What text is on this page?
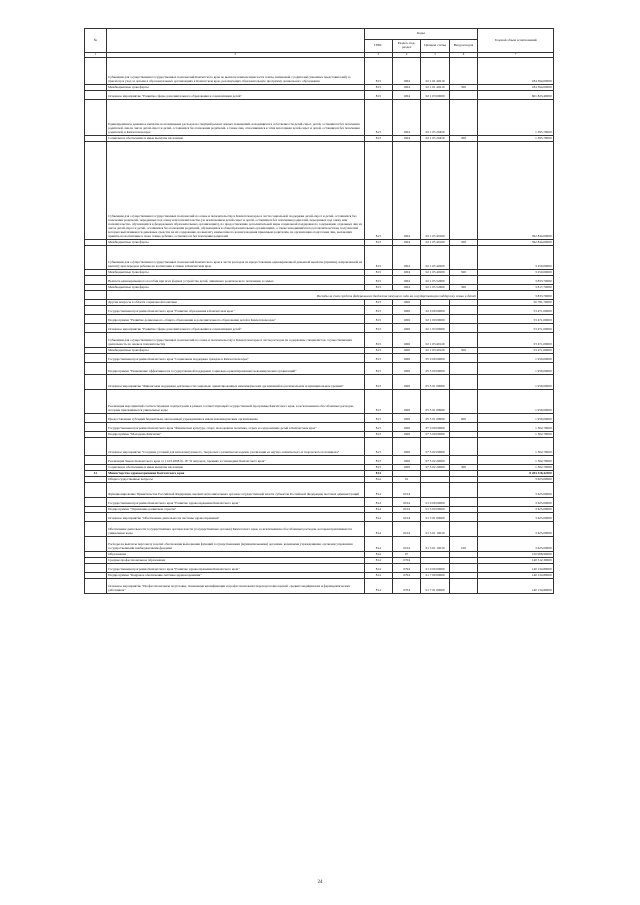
№		Коды				Годовой объем ассигнований
		ГРБС	Раздел, под-раздел	Целевая статья	Вид расходов	
1	2	3	4	5	6	7
	Субвенции для осуществления государственных полномочий Камчатского края по выплате компенсации части платы, взимаемой с родителей (законных представителей) за присмотр и уход за детьми в образовательных организациях в Камчатском крае, реализующих образовательную программу дошкольного образования	813	1004	02 1 01 40210		184 394,00000
	Межбюджетные трансферты	813	1004	02 1 01 40210	500	184 394,00000
	Основное мероприятие "Развитие сферы дополнительного образования и социализации детей"	813	1004	02 1 03 00000		601 823,40000
	Единовременное денежное выплаты на возмещение расходов на текущий ремонт жилых помещений, находящихся в собственности детей-сирот, детей, оставшихся без попечения родителей, лиц из числа детей-сирот и детей, оставшихся без попечения родителей, а также лиц, относившихся к этим категориям детей-сирот и детей, оставшихся без попечения родителей, в Камчатском крае	813	1004	02 1 05 20450		1 395,70000
	Социальное обеспечение и иные выплаты населению	813	1004	02 1 05 20450	300	1 395,70000
	Субвенции для осуществления государственных полномочий по опеке и попечительству в Камчатском крае в части социальной поддержки детей-сирот и детей, оставшихся без попечения родителей, переданных под опеку или попечительство (за исключением детей-сирот и детей, оставшихся без попечения родителей, переданных под опеку или попечительство, обучающихся в федеральных образовательных организациях), по предоставлению дополнительной меры социальной поддержки по содержанию отдельных лиц из числа детей-сирот и детей, оставшихся без попечения родителей, обучающихся в общеобразовательных организациях, а также находившихся под попечительством, получателям которых выплачиваются денежные средства на их содержание, на выплату ежемесячного вознаграждения приемным родителям, на организацию подготовки лиц, желающих принять на воспитание в свою семью ребенка, оставшегося без попечения родителей	813	1004	02 1 05 40160		592 844,00000
	Межбюджетные трансферты	813	1004	02 1 05 40160	500	592 844,00000
	Субвенции для осуществления государственных полномочий Камчатского края в части расходов на предоставление единовременной денежной выплаты (премии), направленной на выплату при передаче ребенка на воспитание в семью в Камчатском крае	813	1004	02 1 05 40200		3 250,00000
	Межбюджетные трансферты	813	1004	02 1 05 40200	500	3 250,00000
	Выплата единовременного пособия при всех формах устройства детей, лишенных родительского попечения, в семью	813	1004	02 1 05 52600		3 833,70000
	Межбюджетные трансферты	813	1004	02 1 05 52600	300	3 817,70000
	Расходы за счет средств федерального бюджета текущего года на государственную поддержку семьи и детей					3 833,70000
	Другие вопросы в области социальной политики	813	1006			56 781,70000
	Государственная программа Камчатского края "Развитие образования в Камчатском крае"	813	1006	02 0 00 00000		53 471,00000
	Подпрограмма "Развитие дошкольного, общего образования и дополнительного образования детей в Камчатском крае"	813	1006	02 1 00 00000		53 471,00000
	Основное мероприятие "Развитие сферы дополнительного образования и социализации детей"	813	1006	02 1 03 00000		53 471,00000
	Субвенции для осуществления государственных полномочий по опеке и попечительству в Камчатском крае в части расходов на содержание специалистов, осуществляющих деятельность по опеке и попечительству	813	1006	02 1 03 40120		53 471,00000
	Межбюджетные трансферты	813	1006	02 1 03 40120	500	53 471,00000
	Государственная программа Камчатского края "Социальная поддержка граждан в Камчатском крае"	813	1006	05 0 00 00000		1 950,00000
	Подпрограмма "Повышение эффективности государственной поддержки социально-ориентированных некоммерческих организаций"	813	1006	05 5 00 00000		1 950,00000
	Основное мероприятие "Финансовая поддержка деятельности социально ориентированных некоммерческих организаций на региональном и муниципальном уровнях"	813	1006	05 5 01 00000		1 950,00000
	Реализация мероприятий соответствующих подпрограмм в рамках соответствующей государственной программы Камчатского края, за исключением обособленных расходов, которым присваиваются уникальные коды	813	1006	05 5 01 09990		1 950,00000
	Предоставление субсидий бюджетным, автономным учреждениям и иным некоммерческим организациям	813	1006	05 5 01 09990	600	1 950,00000
	Государственная программа Камчатского края "Физическая культура, спорт, молодежная политика, отдых и оздоровление детей в Камчатском крае"	813	1006	07 0 00 00000		1 362,70000
	Подпрограмма "Молодежь Камчатки"	813	1006	07 5 00 00000		1 362,70000
	Основное мероприятие "Создание условий для интеллектуального, творческого развития молодежи, реализации ее научно-технического и творческого потенциала"	813	1006	07 5 02 00000		1 362,70000
	Реализация Закона Камчатского края от 11.03.2008 № 18 "О наградах, премиях и стипендиях Камчатского края"	813	1006	07 5 02 20060		1 362,70000
	Социальное обеспечение и иные выплаты населению	813	1006	07 5 02 20060	300	1 362,70000
12	Министерство здравоохранения Камчатского края	814				8 203 318,42300
	Общегосударственные вопросы	814	01			3 625,00000
	Функционирование Правительства Российской Федерации, высших исполнительных органов государственной власти субъектов Российской Федерации, местных администраций	814	0104			3 625,00000
	Государственная программа Камчатского края "Развитие здравоохранения Камчатского края"	814	0104	01 0 00 00000		3 625,00000
	Подпрограмма "Управление развитием отрасли"	814	0104	01 3 00 00000		3 625,00000
	Основное мероприятие "Обеспечение деятельности системы здравоохранения"	814	0104	01 3 01 00000		3 625,00000
	Обеспечение деятельности государственных органов власти (государственных органов) Камчатского края, за исключением обособленных расходов, которым присваиваются уникальные коды	814	0104	01 3 01 10010		3 625,00000
	Расходы на выплаты персоналу в целях обеспечения выполнения функций государственными (муниципальными) органами, казенными учреждениями, органами управления государственными внебюджетными фондами	814	0104	01 3 01 10010	100	3 625,00000
	Образование	814	07			150 968,90000
	Среднее профессиональное образование	814	0704			140 512,30000
	Государственная программа Камчатского края "Развитие здравоохранения Камчатского края"	814	0704	01 0 00 00000		140 134,80000
	Подпрограмма "Кадровое обеспечение системы здравоохранения"	814	0704	01 7 00 00000		140 134,80000
	Основное мероприятие "Профессиональная подготовка, повышение квалификации и профессиональная переподготовка врачей, средних медицинских и фармацевтических работников"	814	0704	01 7 01 00000		140 134,80000
24
